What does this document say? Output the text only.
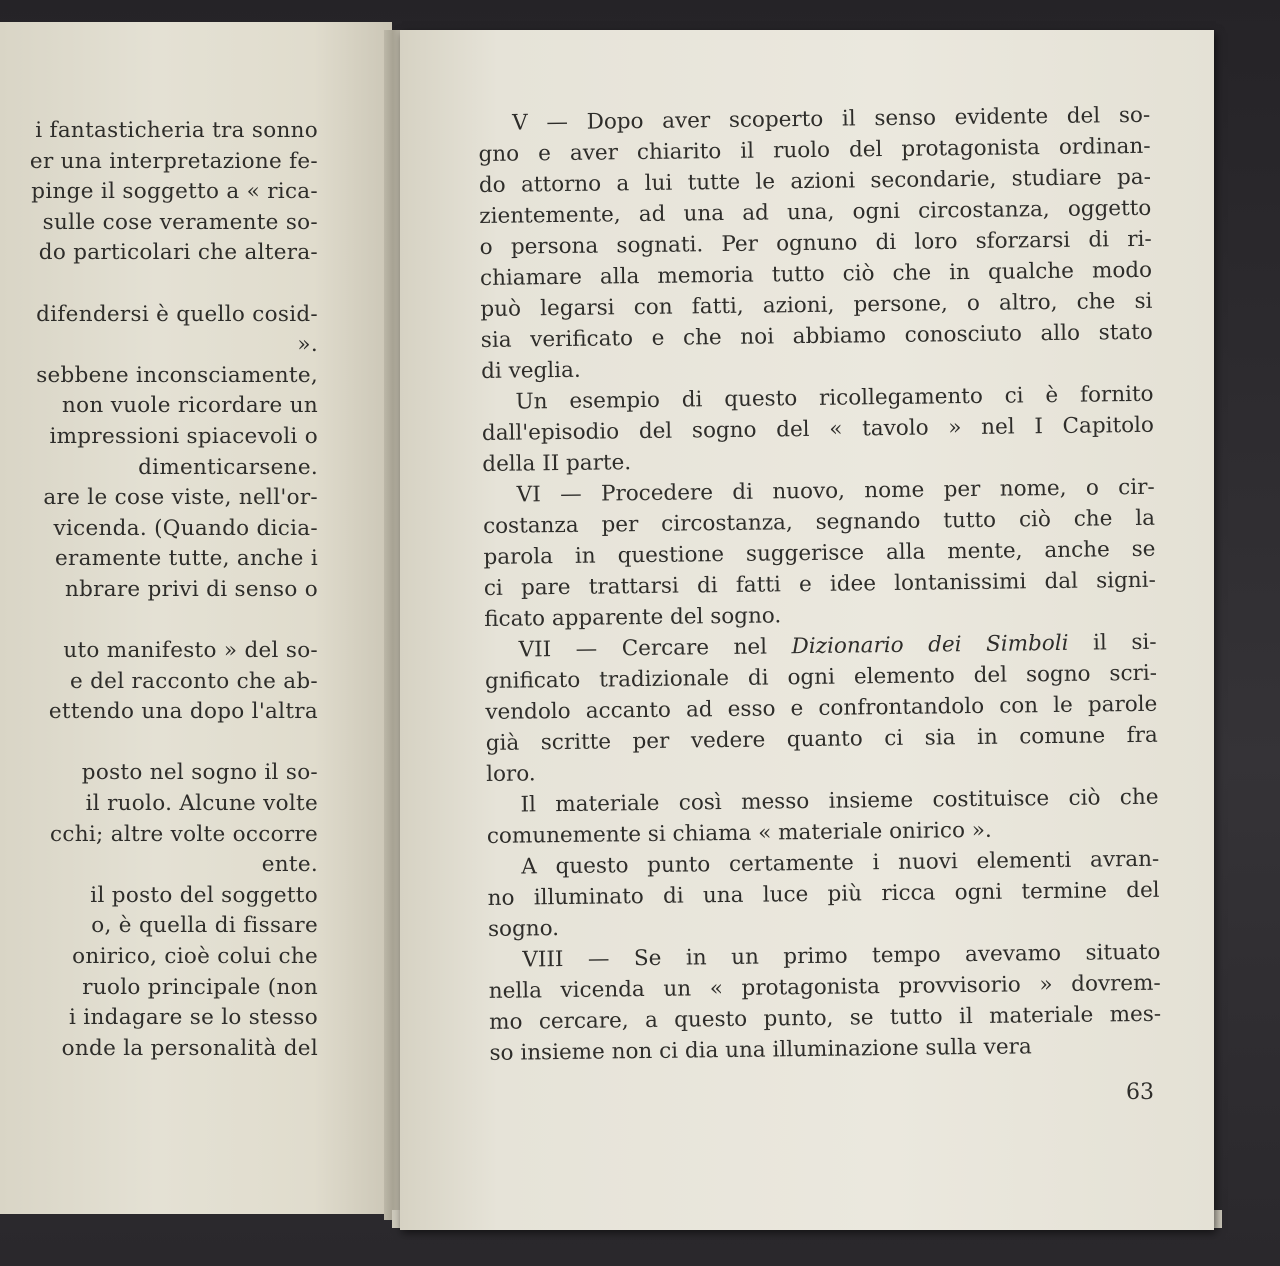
i fantasticheria tra sonno
er una interpretazione fe-
pinge il soggetto a « rica-
sulle cose veramente so-
do particolari che altera-
difendersi è quello cosid-
».
sebbene inconsciamente,
non vuole ricordare un
impressioni spiacevoli o
dimenticarsene.
are le cose viste, nell'or-
vicenda. (Quando dicia-
eramente tutte, anche i
nbrare privi di senso o
uto manifesto » del so-
e del racconto che ab-
ettendo una dopo l'altra
posto nel sogno il so-
il ruolo. Alcune volte
cchi; altre volte occorre
ente.
il posto del soggetto
o, è quella di fissare
onirico, cioè colui che
ruolo principale (non
i indagare se lo stesso
onde la personalità del
V — Dopo aver scoperto il senso evidente del so-
gno e aver chiarito il ruolo del protagonista ordinan-
do attorno a lui tutte le azioni secondarie, studiare pa-
zientemente, ad una ad una, ogni circostanza, oggetto
o persona sognati. Per ognuno di loro sforzarsi di ri-
chiamare alla memoria tutto ciò che in qualche modo
può legarsi con fatti, azioni, persone, o altro, che si
sia verificato e che noi abbiamo conosciuto allo stato
di veglia.
Un esempio di questo ricollegamento ci è fornito
dall'episodio del sogno del « tavolo » nel I Capitolo
della II parte.
VI — Procedere di nuovo, nome per nome, o cir-
costanza per circostanza, segnando tutto ciò che la
parola in questione suggerisce alla mente, anche se
ci pare trattarsi di fatti e idee lontanissimi dal signi-
ficato apparente del sogno.
VII — Cercare nel Dizionario dei Simboli il si-
gnificato tradizionale di ogni elemento del sogno scri-
vendolo accanto ad esso e confrontandolo con le parole
già scritte per vedere quanto ci sia in comune fra
loro.
Il materiale così messo insieme costituisce ciò che
comunemente si chiama « materiale onirico ».
A questo punto certamente i nuovi elementi avran-
no illuminato di una luce più ricca ogni termine del
sogno.
VIII — Se in un primo tempo avevamo situato
nella vicenda un « protagonista provvisorio » dovrem-
mo cercare, a questo punto, se tutto il materiale mes-
so insieme non ci dia una illuminazione sulla vera
63
